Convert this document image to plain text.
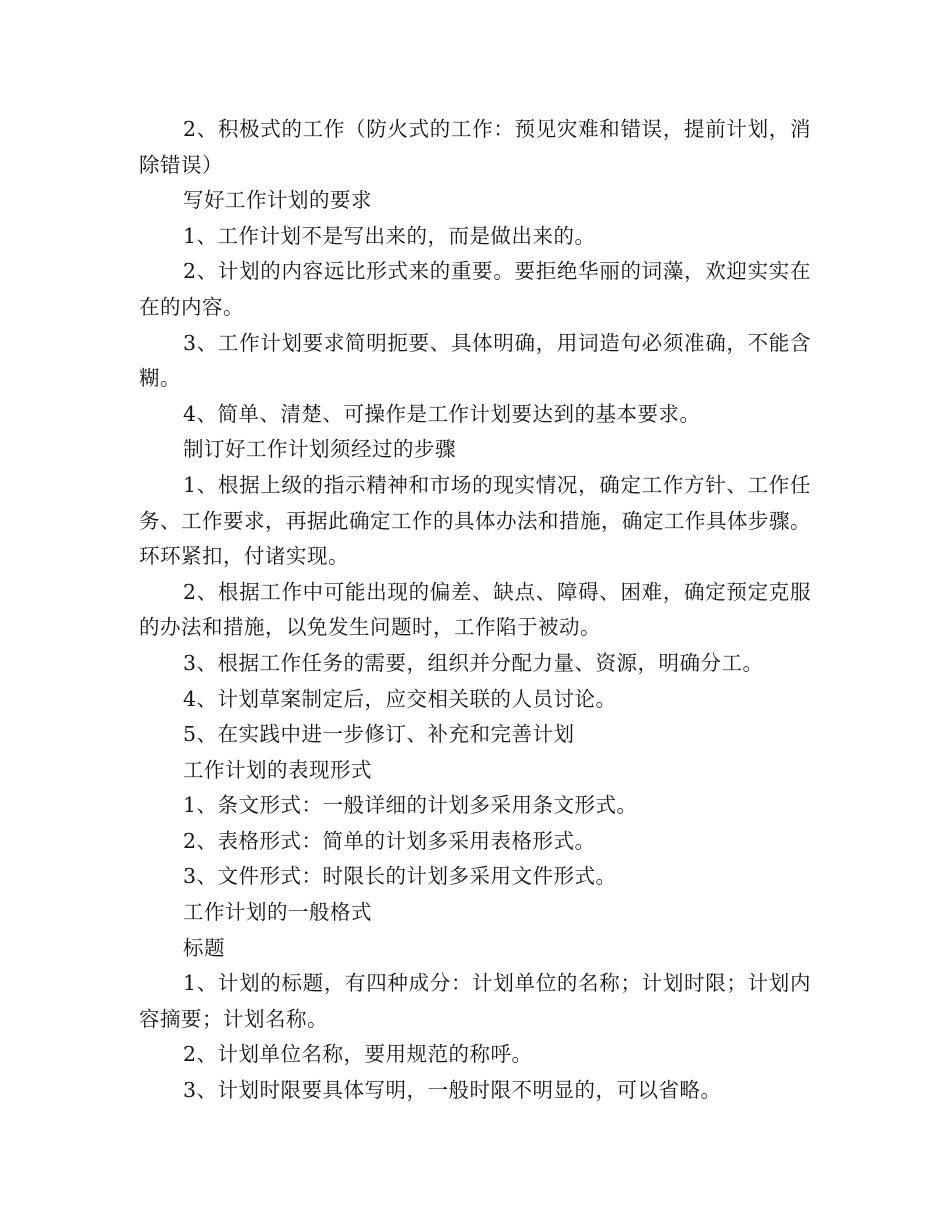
2、积极式的工作（防火式的工作：预见灾难和错误，提前计划，消除错误）

写好工作计划的要求

1、工作计划不是写出来的，而是做出来的。

2、计划的内容远比形式来的重要。要拒绝华丽的词藻，欢迎实实在在的内容。

3、工作计划要求简明扼要、具体明确，用词造句必须准确，不能含糊。

4、简单、清楚、可操作是工作计划要达到的基本要求。

制订好工作计划须经过的步骤

1、根据上级的指示精神和市场的现实情况，确定工作方针、工作任务、工作要求，再据此确定工作的具体办法和措施，确定工作具体步骤。环环紧扣，付诸实现。

2、根据工作中可能出现的偏差、缺点、障碍、困难，确定预定克服的办法和措施，以免发生问题时，工作陷于被动。

3、根据工作任务的需要，组织并分配力量、资源，明确分工。

4、计划草案制定后，应交相关联的人员讨论。

5、在实践中进一步修订、补充和完善计划

工作计划的表现形式

1、条文形式：一般详细的计划多采用条文形式。

2、表格形式：简单的计划多采用表格形式。

3、文件形式：时限长的计划多采用文件形式。

工作计划的一般格式

标题

1、计划的标题，有四种成分：计划单位的名称；计划时限；计划内容摘要；计划名称。

2、计划单位名称，要用规范的称呼。

3、计划时限要具体写明，一般时限不明显的，可以省略。
